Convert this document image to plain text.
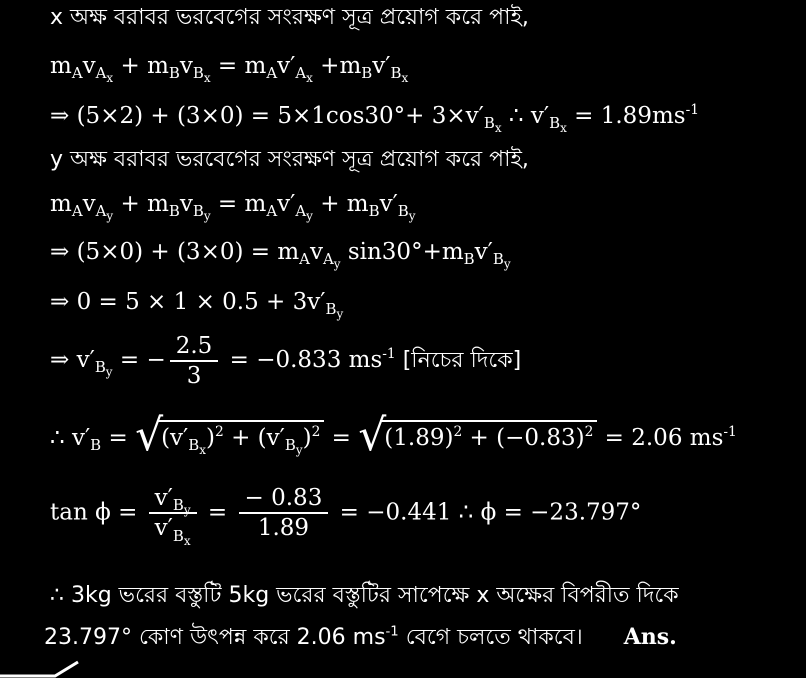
x অক্ষ বরাবর ভরবেগের সংরক্ষণ সূত্র প্রয়োগ করে পাই,
$m_Av_{A_x} + m_Bv_{B_x} = m_Av'_{A_x} +m_Bv'_{B_x}$
⇒ $(5\times 2) + (3\times 0) = 5\times 1\cos 30^\circ+ 3\times v'_{B_x}$ ∴ $v'_{B_x} = 1.89ms^{-1}$
y অক্ষ বরাবর ভরবেগের সংরক্ষণ সূত্র প্রয়োগ করে পাই,
$m_Av_{A_y} + m_Bv_{B_y} = m_Av'_{A_y} + m_Bv'_{B_y}$
⇒ $(5\times 0) + (3\times 0) = m_Av_{A_y}$ $\sin 30^\circ+m_Bv'_{B_y}$
⇒ $0 = 5 \times 1 \times 0.5 + 3v'_{B_y}$
⇒ $v'_{B_y}$ = − $\frac{2.5}{3} = -0.833$ $ms^{-1}$ [নিচের দিকে]
∴ $v'_B$ = √
$(v'_{B_x})^2 + (v'_{B_y})^2$ = √
$(1.89)^2 + (-0.83)^2 = 2.06$ $ms^{-1}$
$\tan \phi = \frac{v'_{B_y}}{v'_{B_x}} = \frac{- 0.83}{1.89} = -0.441$ ∴ ϕ = −23.797°
∴ 3kg ভরের বস্তুটি 5kg ভরের বস্তুটির সাপেক্ষে x অক্ষের বিপরীত দিকে
23.797° কোণ উৎপন্ন করে 2.06 $ms^{-1}$ বেগে চলতে থাকবে। Ans.
